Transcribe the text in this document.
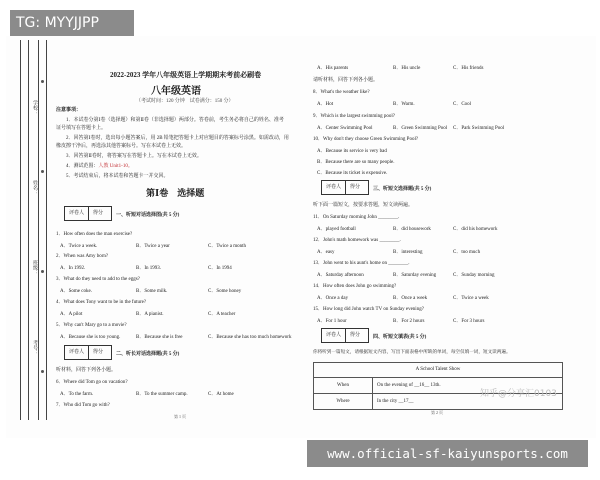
学校：
姓名：
班级：
考号：
2022-2023 学年八年级英语上学期期末考前必刷卷
八年级英语
（考试时间：120 分钟　试卷满分：150 分）
注意事项：
1．本试卷分第Ⅰ卷（选择题）和第Ⅱ卷（非选择题）两部分。答卷前，考生务必将自己的姓名、准考
证号填写在答题卡上。
2．回答第Ⅰ卷时，选出每小题答案后，用 2B 铅笔把答题卡上对应题目的答案标号涂黑。如需改动，用
橡皮擦干净后，再选涂其他答案标号。写在本试卷上无效。
3．回答第Ⅱ卷时，将答案写在答题卡上。写在本试卷上无效。
4．测试范围：人教 Unit1-10。
5．考试结束后，将本试卷和答题卡一并交回。
第Ⅰ卷　选择题
评卷人	得分	一、听短对话选择图(共 5 分)
1．How often does the man exercise?
A．Twice a week.	B．Twice a year	C．Twice a month
2．When was Amy born?
A．In 1992.	B．In 1993.	C．In 1994
3．What do they need to add to the eggs?
A．Some coke.	B．Some milk.	C．Some honey
4．What does Tony want to be in the future?
A．A pilot	B．A pianist.	C．A teacher
5．Why can't Mary go to a movie?
A．Because she is too young.	B．Because she is free	C．Because she has too much homework
评卷人	得分	二、听长对话选择题(共 5 分)
听材料，回答下列各小题。
6．Where did Tom go on vacation?
A．To the farm.	B．To the summer camp.	C．At home
7．Who did Tom go with?
第 1 页
A．His parents	B．His uncle	C．His friends
请听材料，回答下列各小题。
8．What's the weather like?
A．Hot	B．Warm.	C．Cool
9．Which is the largest swimming pool?
A．Center Swimming Pool	B．Green Swimming Pool C．Park Swimming Pool
10．Why don't they choose Green Swimming Pool?
A．Because its service is very bad
B．Because there are so many people.
C．Because its ticket is expensive.
评卷人	得分	三、听短文选择题(共 5 分)
听下面一篇短文，按要求答题，短文读两遍。
11．On Saturday morning John ________.
A．played football	B．did housework	C．did his homework
12．John's math homework was ________.
A．easy	B．interesting	C．too much
13．John went to his aunt's home on ________.
A．Saturday afternoon	B．Saturday evening	C．Sunday morning
14．How often does John go swimming?
A．Once a day	B．Once a week	C．Twice a week
15．How long did John watch TV on Sunday evening?
A．For 1 hour	B．For 2 hours	C．For 3 hours
评卷人	得分	四、听短文填表(共 5 分)
你将听到一篇短文，请根据短文内容，写出下面表格中所缺的单词，每空仅填一词，短文读两遍。
A School Talent Show
When	On the evening of __16__ 13th.
Where	In the city __17__
第 2 页
知乎@分享汇0103
TG: MYYJJPP
www.official-sf-kaiyunsports.com
